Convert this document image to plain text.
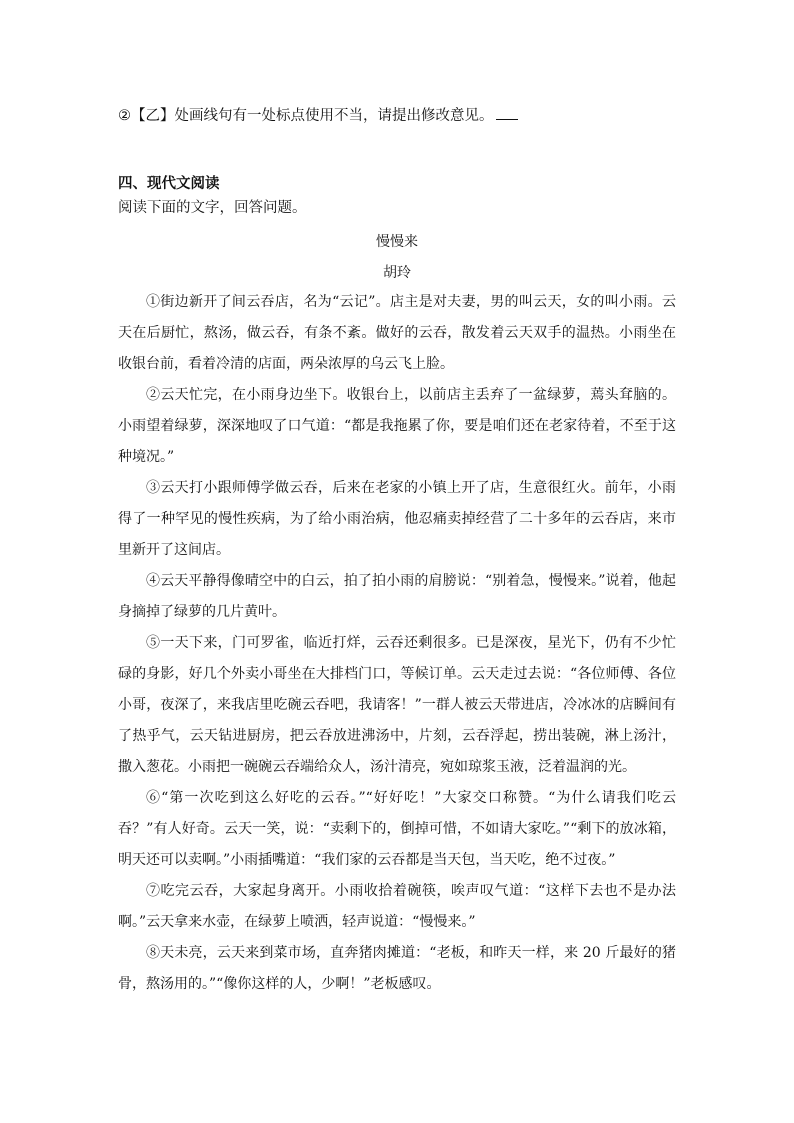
②【乙】处画线句有一处标点使用不当，请提出修改意见。
四、现代文阅读
阅读下面的文字，回答问题。
慢慢来
胡玲

①街边新开了间云吞店，名为“云记”。店主是对夫妻，男的叫云天，女的叫小雨。云天在后厨忙，熬汤，做云吞，有条不紊。做好的云吞，散发着云天双手的温热。小雨坐在收银台前，看着冷清的店面，两朵浓厚的乌云飞上脸。

②云天忙完，在小雨身边坐下。收银台上，以前店主丢弃了一盆绿萝，蔫头耷脑的。小雨望着绿萝，深深地叹了口气道：“都是我拖累了你，要是咱们还在老家待着，不至于这种境况。”

③云天打小跟师傅学做云吞，后来在老家的小镇上开了店，生意很红火。前年，小雨得了一种罕见的慢性疾病，为了给小雨治病，他忍痛卖掉经营了二十多年的云吞店，来市里新开了这间店。

④云天平静得像晴空中的白云，拍了拍小雨的肩膀说：“别着急，慢慢来。”说着，他起身摘掉了绿萝的几片黄叶。

⑤一天下来，门可罗雀，临近打烊，云吞还剩很多。已是深夜，星光下，仍有不少忙碌的身影，好几个外卖小哥坐在大排档门口，等候订单。云天走过去说：“各位师傅、各位小哥，夜深了，来我店里吃碗云吞吧，我请客！”一群人被云天带进店，冷冰冰的店瞬间有了热乎气，云天钻进厨房，把云吞放进沸汤中，片刻，云吞浮起，捞出装碗，淋上汤汁，撒入葱花。小雨把一碗碗云吞端给众人，汤汁清亮，宛如琼浆玉液，泛着温润的光。

⑥“第一次吃到这么好吃的云吞。”“好好吃！”大家交口称赞。“为什么请我们吃云吞？”有人好奇。云天一笑，说：“卖剩下的，倒掉可惜，不如请大家吃。”“剩下的放冰箱，明天还可以卖啊。”小雨插嘴道：“我们家的云吞都是当天包，当天吃，绝不过夜。”

⑦吃完云吞，大家起身离开。小雨收拾着碗筷，唉声叹气道：“这样下去也不是办法啊。”云天拿来水壶，在绿萝上喷洒，轻声说道：“慢慢来。”

⑧天未亮，云天来到菜市场，直奔猪肉摊道：“老板，和昨天一样，来 20 斤最好的猪骨，熬汤用的。”“像你这样的人，少啊！”老板感叹。
